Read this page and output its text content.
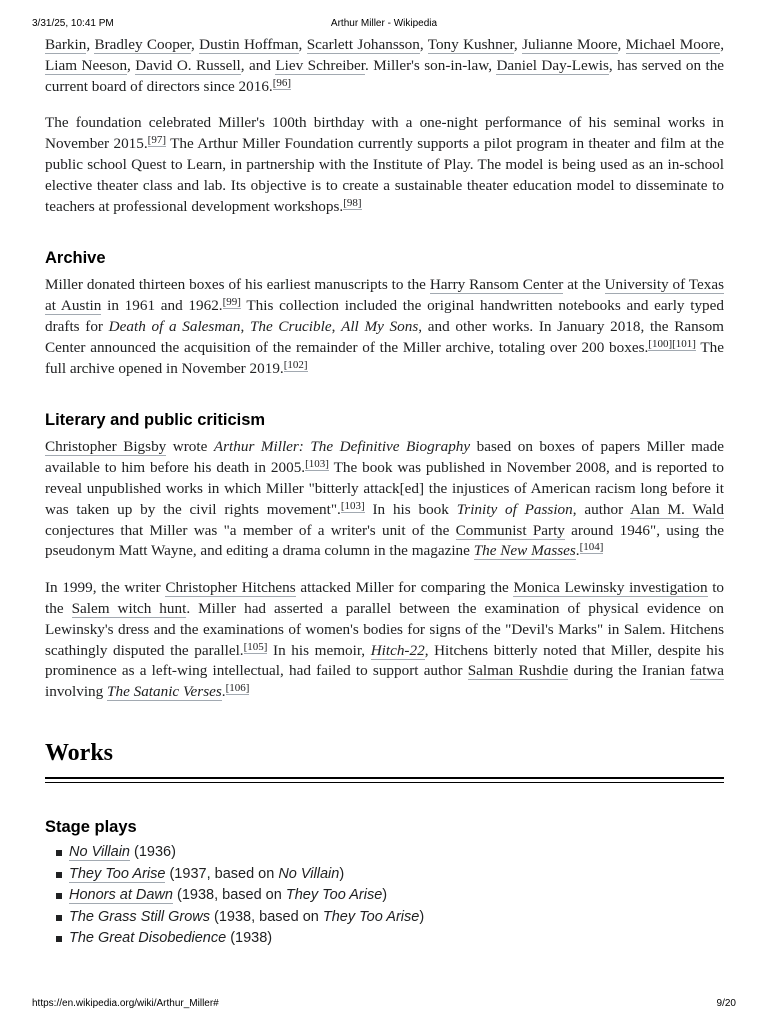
3/31/25, 10:41 PM	Arthur Miller - Wikipedia

Barkin, Bradley Cooper, Dustin Hoffman, Scarlett Johansson, Tony Kushner, Julianne Moore, Michael Moore, Liam Neeson, David O. Russell, and Liev Schreiber. Miller's son-in-law, Daniel Day-Lewis, has served on the current board of directors since 2016.[96]

The foundation celebrated Miller's 100th birthday with a one-night performance of his seminal works in November 2015.[97] The Arthur Miller Foundation currently supports a pilot program in theater and film at the public school Quest to Learn, in partnership with the Institute of Play. The model is being used as an in-school elective theater class and lab. Its objective is to create a sustainable theater education model to disseminate to teachers at professional development workshops.[98]

Archive

Miller donated thirteen boxes of his earliest manuscripts to the Harry Ransom Center at the University of Texas at Austin in 1961 and 1962.[99] This collection included the original handwritten notebooks and early typed drafts for Death of a Salesman, The Crucible, All My Sons, and other works. In January 2018, the Ransom Center announced the acquisition of the remainder of the Miller archive, totaling over 200 boxes.[100][101] The full archive opened in November 2019.[102]

Literary and public criticism

Christopher Bigsby wrote Arthur Miller: The Definitive Biography based on boxes of papers Miller made available to him before his death in 2005.[103] The book was published in November 2008, and is reported to reveal unpublished works in which Miller "bitterly attack[ed] the injustices of American racism long before it was taken up by the civil rights movement".[103] In his book Trinity of Passion, author Alan M. Wald conjectures that Miller was "a member of a writer's unit of the Communist Party around 1946", using the pseudonym Matt Wayne, and editing a drama column in the magazine The New Masses.[104]

In 1999, the writer Christopher Hitchens attacked Miller for comparing the Monica Lewinsky investigation to the Salem witch hunt. Miller had asserted a parallel between the examination of physical evidence on Lewinsky's dress and the examinations of women's bodies for signs of the "Devil's Marks" in Salem. Hitchens scathingly disputed the parallel.[105] In his memoir, Hitch-22, Hitchens bitterly noted that Miller, despite his prominence as a left-wing intellectual, had failed to support author Salman Rushdie during the Iranian fatwa involving The Satanic Verses.[106]

Works
Stage plays
No Villain (1936)
They Too Arise (1937, based on No Villain)
Honors at Dawn (1938, based on They Too Arise)
The Grass Still Grows (1938, based on They Too Arise)
The Great Disobedience (1938)
https://en.wikipedia.org/wiki/Arthur_Miller#	9/20
